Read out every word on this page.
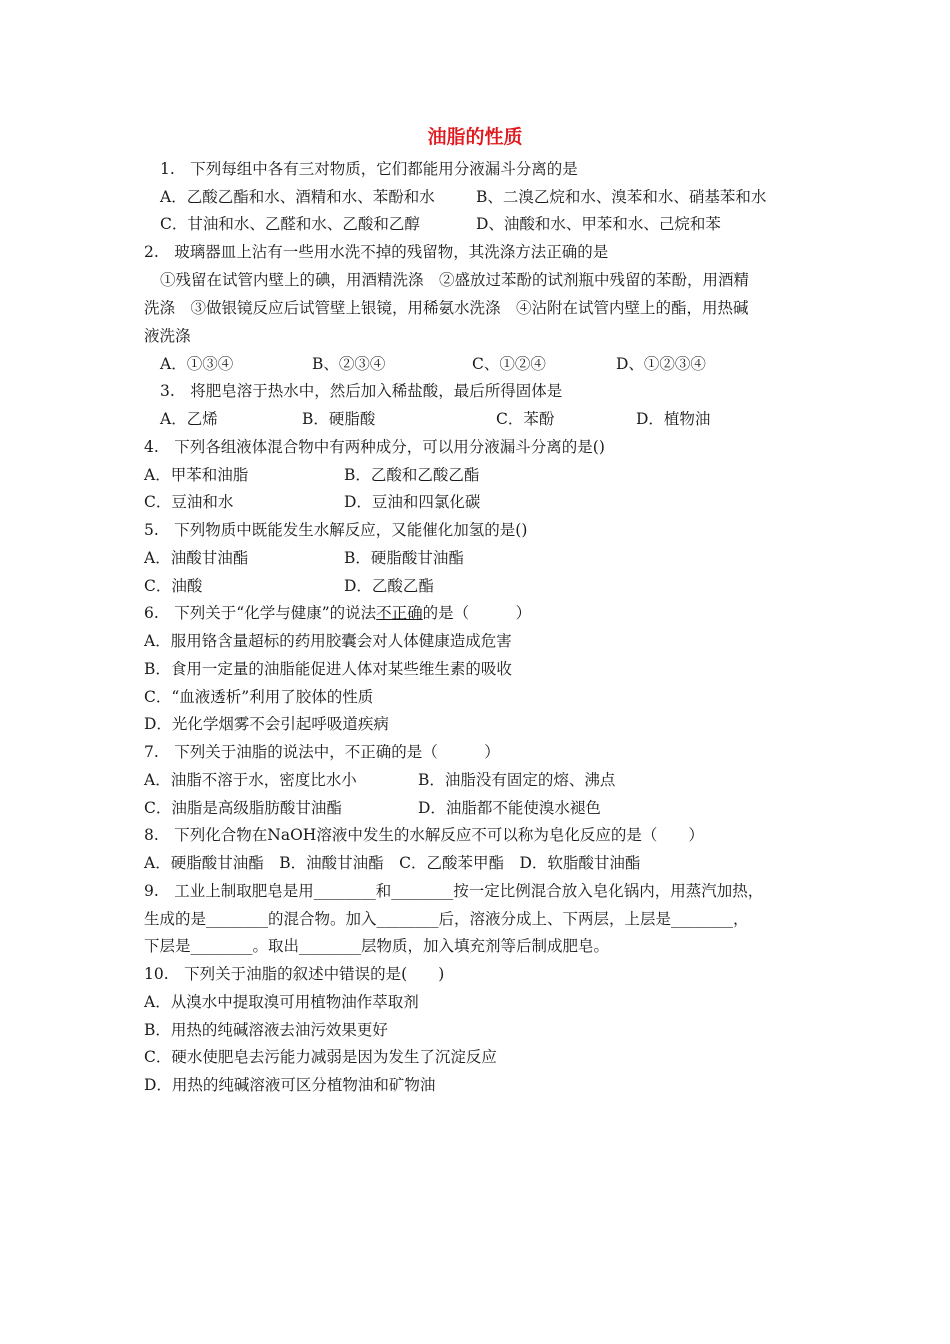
油脂的性质
1.　下列每组中各有三对物质，它们都能用分液漏斗分离的是
A．乙酸乙酯和水、酒精和水、苯酚和水	B、二溴乙烷和水、溴苯和水、硝基苯和水
C．甘油和水、乙醛和水、乙酸和乙醇	D、油酸和水、甲苯和水、己烷和苯
2.　玻璃器皿上沾有一些用水洗不掉的残留物，其洗涤方法正确的是
①残留在试管内壁上的碘，用酒精洗涤　②盛放过苯酚的试剂瓶中残留的苯酚，用酒精
洗涤　③做银镜反应后试管壁上银镜，用稀氨水洗涤　④沾附在试管内壁上的酯，用热碱
液洗涤
A．①③④	B、②③④	C、①②④	D、①②③④
3.　将肥皂溶于热水中，然后加入稀盐酸，最后所得固体是
A．乙烯	B．硬脂酸	C．苯酚	D．植物油
4.　下列各组液体混合物中有两种成分，可以用分液漏斗分离的是()
A．甲苯和油脂	B．乙酸和乙酸乙酯
C．豆油和水	D．豆油和四氯化碳
5.　下列物质中既能发生水解反应，又能催化加氢的是()
A．油酸甘油酯	B．硬脂酸甘油酯
C．油酸	D．乙酸乙酯
6.　下列关于“化学与健康”的说法不正确的是（　　　）
A．服用铬含量超标的药用胶囊会对人体健康造成危害
B．食用一定量的油脂能促进人体对某些维生素的吸收
C．“血液透析”利用了胶体的性质
D．光化学烟雾不会引起呼吸道疾病
7.　下列关于油脂的说法中，不正确的是（　　　）
A．油脂不溶于水，密度比水小	B．油脂没有固定的熔、沸点
C．油脂是高级脂肪酸甘油酯	D．油脂都不能使溴水褪色
8.　下列化合物在NaOH溶液中发生的水解反应不可以称为皂化反应的是（　　）
A．硬脂酸甘油酯　B．油酸甘油酯　C．乙酸苯甲酯　D．软脂酸甘油酯
9.　工业上制取肥皂是用________和________按一定比例混合放入皂化锅内，用蒸汽加热，
生成的是________的混合物。加入________后，溶液分成上、下两层，上层是________，
下层是________。取出________层物质，加入填充剂等后制成肥皂。
10.　下列关于油脂的叙述中错误的是(　　)
A．从溴水中提取溴可用植物油作萃取剂
B．用热的纯碱溶液去油污效果更好
C．硬水使肥皂去污能力减弱是因为发生了沉淀反应
D．用热的纯碱溶液可区分植物油和矿物油
